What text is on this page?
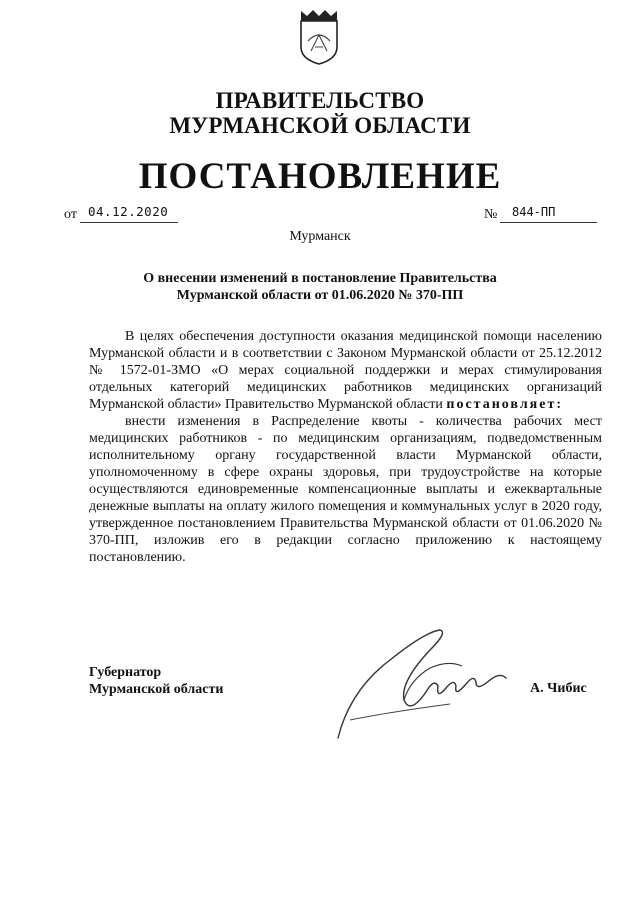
ПРАВИТЕЛЬСТВО
МУРМАНСКОЙ ОБЛАСТИ
ПОСТАНОВЛЕНИЕ
от 04.12.2020	№ 844-ПП
Мурманск
О внесении изменений в постановление Правительства
Мурманской области от 01.06.2020 № 370-ПП

В целях обеспечения доступности оказания медицинской помощи населению Мурманской области и в соответствии с Законом Мурманской области от 25.12.2012 № 1572-01-ЗМО «О мерах социальной поддержки и мерах стимулирования отдельных категорий медицинских работников медицинских организаций Мурманской области» Правительство Мурманской области постановляет:

внести изменения в Распределение квоты - количества рабочих мест медицинских работников - по медицинским организациям, подведомственным исполнительному органу государственной власти Мурманской области, уполномоченному в сфере охраны здоровья, при трудоустройстве на которые осуществляются единовременные компенсационные выплаты и ежеквартальные денежные выплаты на оплату жилого помещения и коммунальных услуг в 2020 году, утвержденное постановлением Правительства Мурманской области от 01.06.2020 № 370-ПП, изложив его в редакции согласно приложению к настоящему постановлению.

Губернатор
Мурманской области	А. Чибис
